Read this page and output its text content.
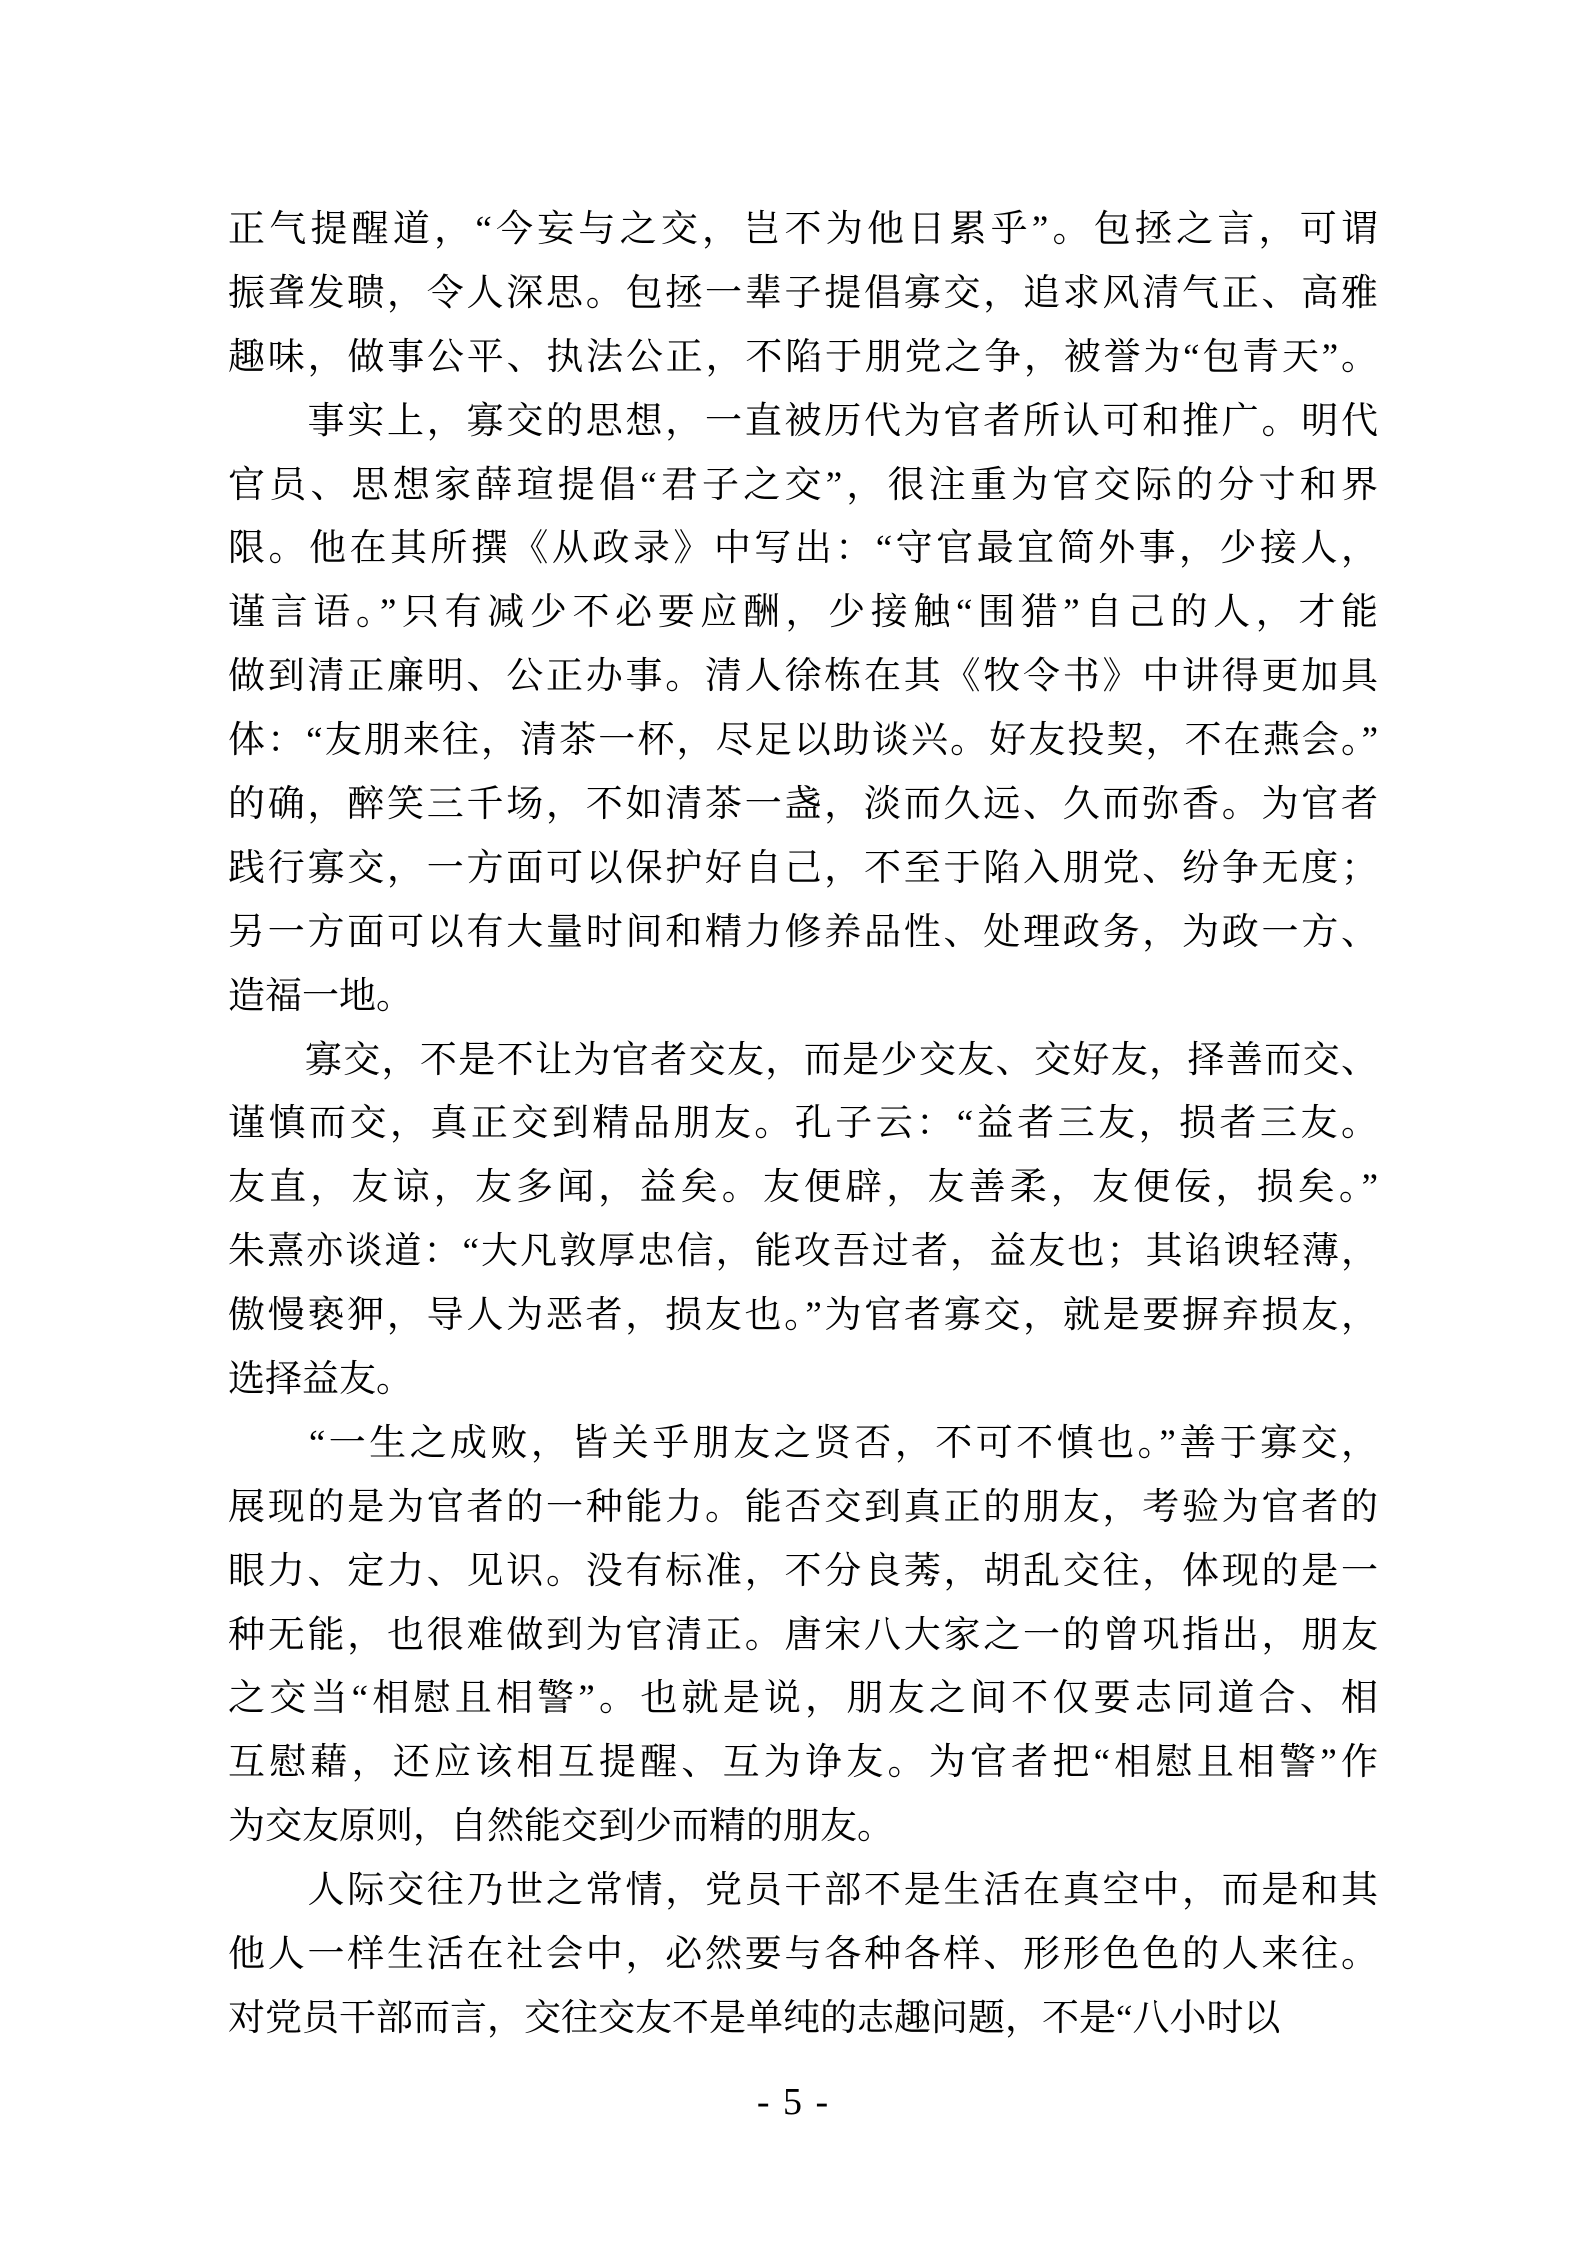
正气提醒道，“今妄与之交，岂不为他日累乎”。包拯之言，可谓
振聋发聩，令人深思。包拯一辈子提倡寡交，追求风清气正、高雅
趣味，做事公平、执法公正，不陷于朋党之争，被誉为“包青天”。
　　事实上，寡交的思想，一直被历代为官者所认可和推广。明代
官员、思想家薛瑄提倡“君子之交”，很注重为官交际的分寸和界
限。他在其所撰《从政录》中写出：“守官最宜简外事，少接人，
谨言语。”只有减少不必要应酬，少接触“围猎”自己的人，才能
做到清正廉明、公正办事。清人徐栋在其《牧令书》中讲得更加具
体：“友朋来往，清茶一杯，尽足以助谈兴。好友投契，不在燕会。”
的确，醉笑三千场，不如清茶一盏，淡而久远、久而弥香。为官者
践行寡交，一方面可以保护好自己，不至于陷入朋党、纷争无度；
另一方面可以有大量时间和精力修养品性、处理政务，为政一方、
造福一地。
　　寡交，不是不让为官者交友，而是少交友、交好友，择善而交、
谨慎而交，真正交到精品朋友。孔子云：“益者三友，损者三友。
友直，友谅，友多闻，益矣。友便辟，友善柔，友便佞，损矣。”
朱熹亦谈道：“大凡敦厚忠信，能攻吾过者，益友也；其谄谀轻薄，
傲慢亵狎，导人为恶者，损友也。”为官者寡交，就是要摒弃损友，
选择益友。
　　“一生之成败，皆关乎朋友之贤否，不可不慎也。”善于寡交，
展现的是为官者的一种能力。能否交到真正的朋友，考验为官者的
眼力、定力、见识。没有标准，不分良莠，胡乱交往，体现的是一
种无能，也很难做到为官清正。唐宋八大家之一的曾巩指出，朋友
之交当“相慰且相警”。也就是说，朋友之间不仅要志同道合、相
互慰藉，还应该相互提醒、互为诤友。为官者把“相慰且相警”作
为交友原则，自然能交到少而精的朋友。
　　人际交往乃世之常情，党员干部不是生活在真空中，而是和其
他人一样生活在社会中，必然要与各种各样、形形色色的人来往。
对党员干部而言，交往交友不是单纯的志趣问题，不是“八小时以
- 5 -
